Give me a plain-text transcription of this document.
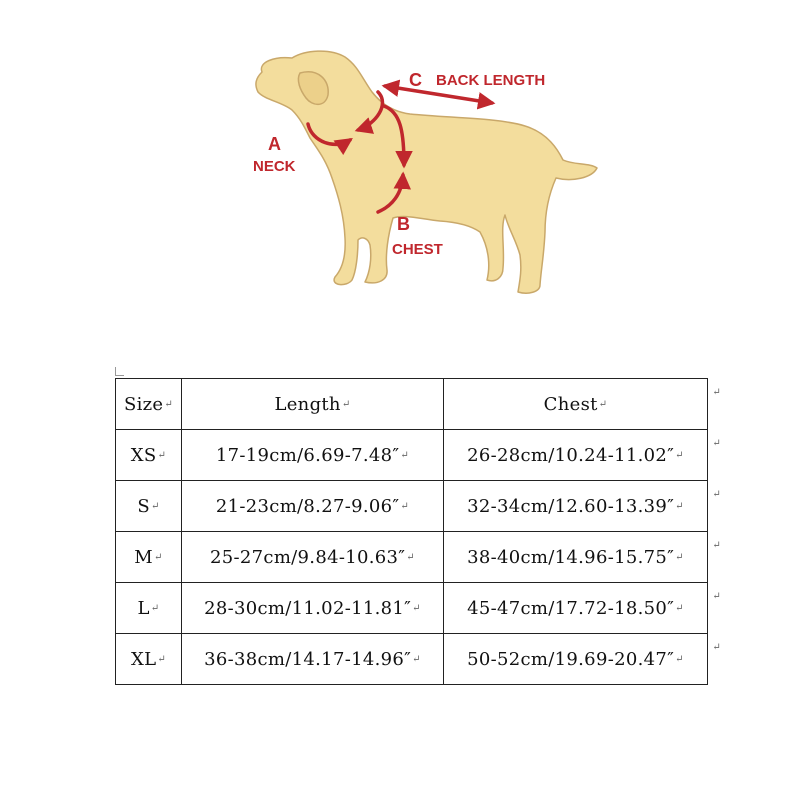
A
NECK
B
CHEST
C BACK LENGTH
Size↵	Length↵	Chest↵
↵

XS↵	17-19cm/6.69-7.48″↵	26-28cm/10.24-11.02″↵
↵

S↵	21-23cm/8.27-9.06″↵	32-34cm/12.60-13.39″↵
↵

M↵	25-27cm/9.84-10.63″↵	38-40cm/14.96-15.75″↵
↵

L↵	28-30cm/11.02-11.81″↵	45-47cm/17.72-18.50″↵
↵

XL↵	36-38cm/14.17-14.96″↵	50-52cm/19.69-20.47″↵
↵
